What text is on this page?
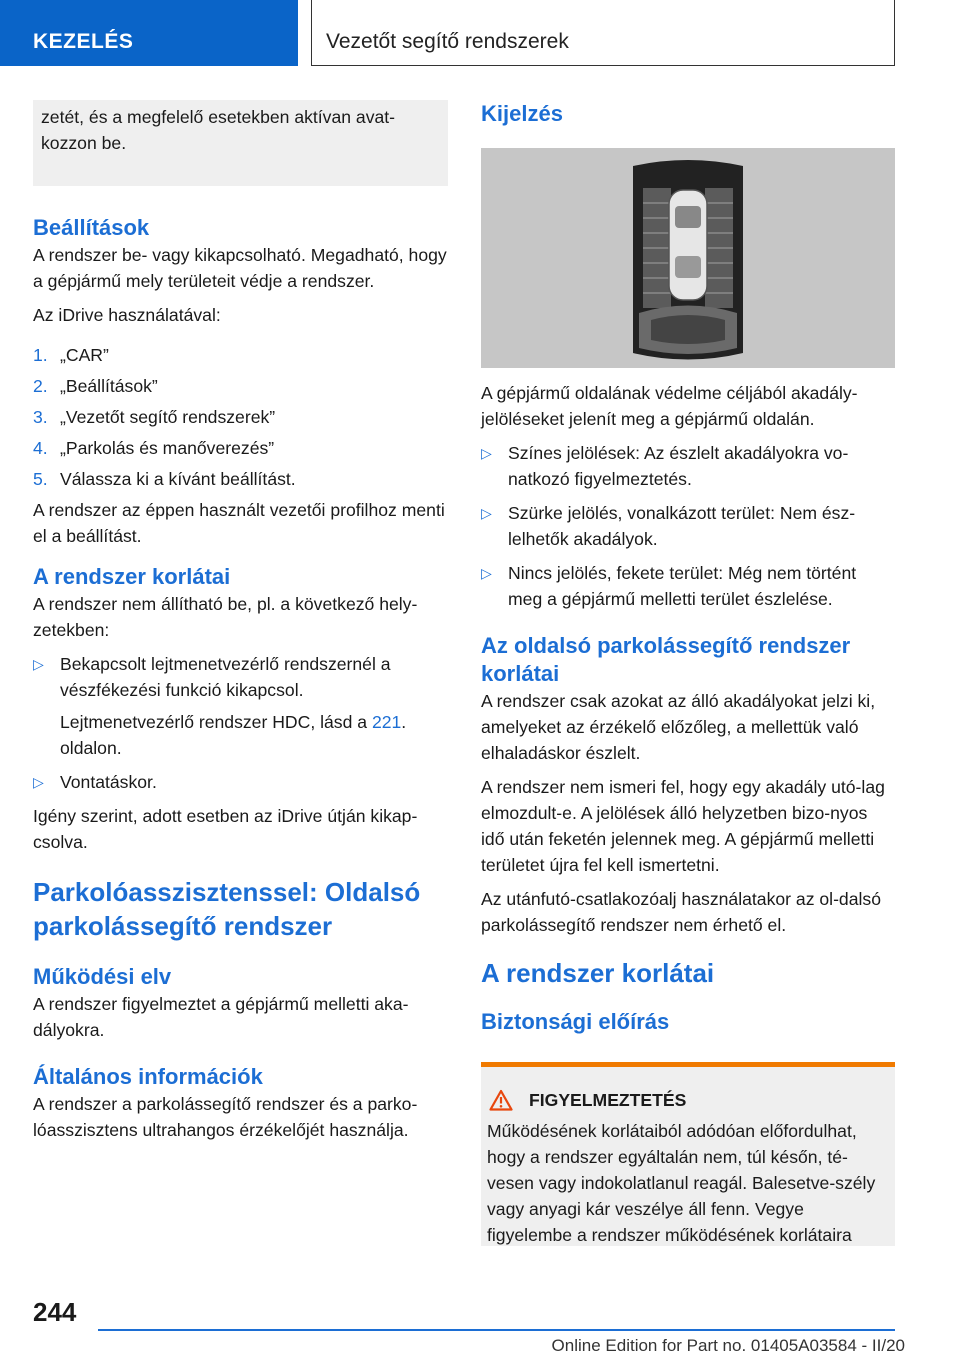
KEZELÉS	Vezetőt segítő rendszerek

zetét, és a megfelelő esetekben aktívan avat-kozzon be.

Beállítások

A rendszer be- vagy kikapcsolható. Megadható, hogy a gépjármű mely területeit védje a rendszer.

Az iDrive használatával:

1. „CAR”
2. „Beállítások”
3. „Vezetőt segítő rendszerek”
4. „Parkolás és manőverezés”
5. Válassza ki a kívánt beállítást.

A rendszer az éppen használt vezetői profilhoz menti el a beállítást.

A rendszer korlátai

A rendszer nem állítható be, pl. a következő hely-zetekben:

▷ Bekapcsolt lejtmenetvezérlő rendszernél a vészfékezési funkció kikapcsol.
Lejtmenetvezérlő rendszer HDC, lásd a 221. oldalon.
▷ Vontatáskor.

Igény szerint, adott esetben az iDrive útján kikap-csolva.

Parkolóasszisztenssel: Oldalsó parkolássegítő rendszer
Működési elv

A rendszer figyelmeztet a gépjármű melletti aka-dályokra.

Általános információk

A rendszer a parkolássegítő rendszer és a parko-lóasszisztens ultrahangos érzékelőjét használja.

Kijelzés

A gépjármű oldalának védelme céljából akadály-jelöléseket jelenít meg a gépjármű oldalán.

▷ Színes jelölések: Az észlelt akadályokra vo-natkozó figyelmeztetés.
▷ Szürke jelölés, vonalkázott terület: Nem ész-lelhetők akadályok.
▷ Nincs jelölés, fekete terület: Még nem történt meg a gépjármű melletti terület észlelése.
Az oldalsó parkolássegítő rendszer korlátai

A rendszer csak azokat az álló akadályokat jelzi ki, amelyeket az érzékelő előzőleg, a mellettük való elhaladáskor észlelt.

A rendszer nem ismeri fel, hogy egy akadály utó-lag elmozdult-e. A jelölések álló helyzetben bizo-nyos idő után feketén jelennek meg. A gépjármű melletti területet újra fel kell ismertetni.

Az utánfutó-csatlakozóalj használatakor az ol-dalsó parkolássegítő rendszer nem érhető el.

A rendszer korlátai
Biztonsági előírás
FIGYELMEZTETÉS

Működésének korlátaiból adódóan előfordulhat, hogy a rendszer egyáltalán nem, túl későn, té-vesen vagy indokolatlanul reagál. Balesetve-szély vagy anyagi kár veszélye áll fenn. Vegye figyelembe a rendszer működésének korlátaira

244
Online Edition for Part no. 01405A03584 - II/20
